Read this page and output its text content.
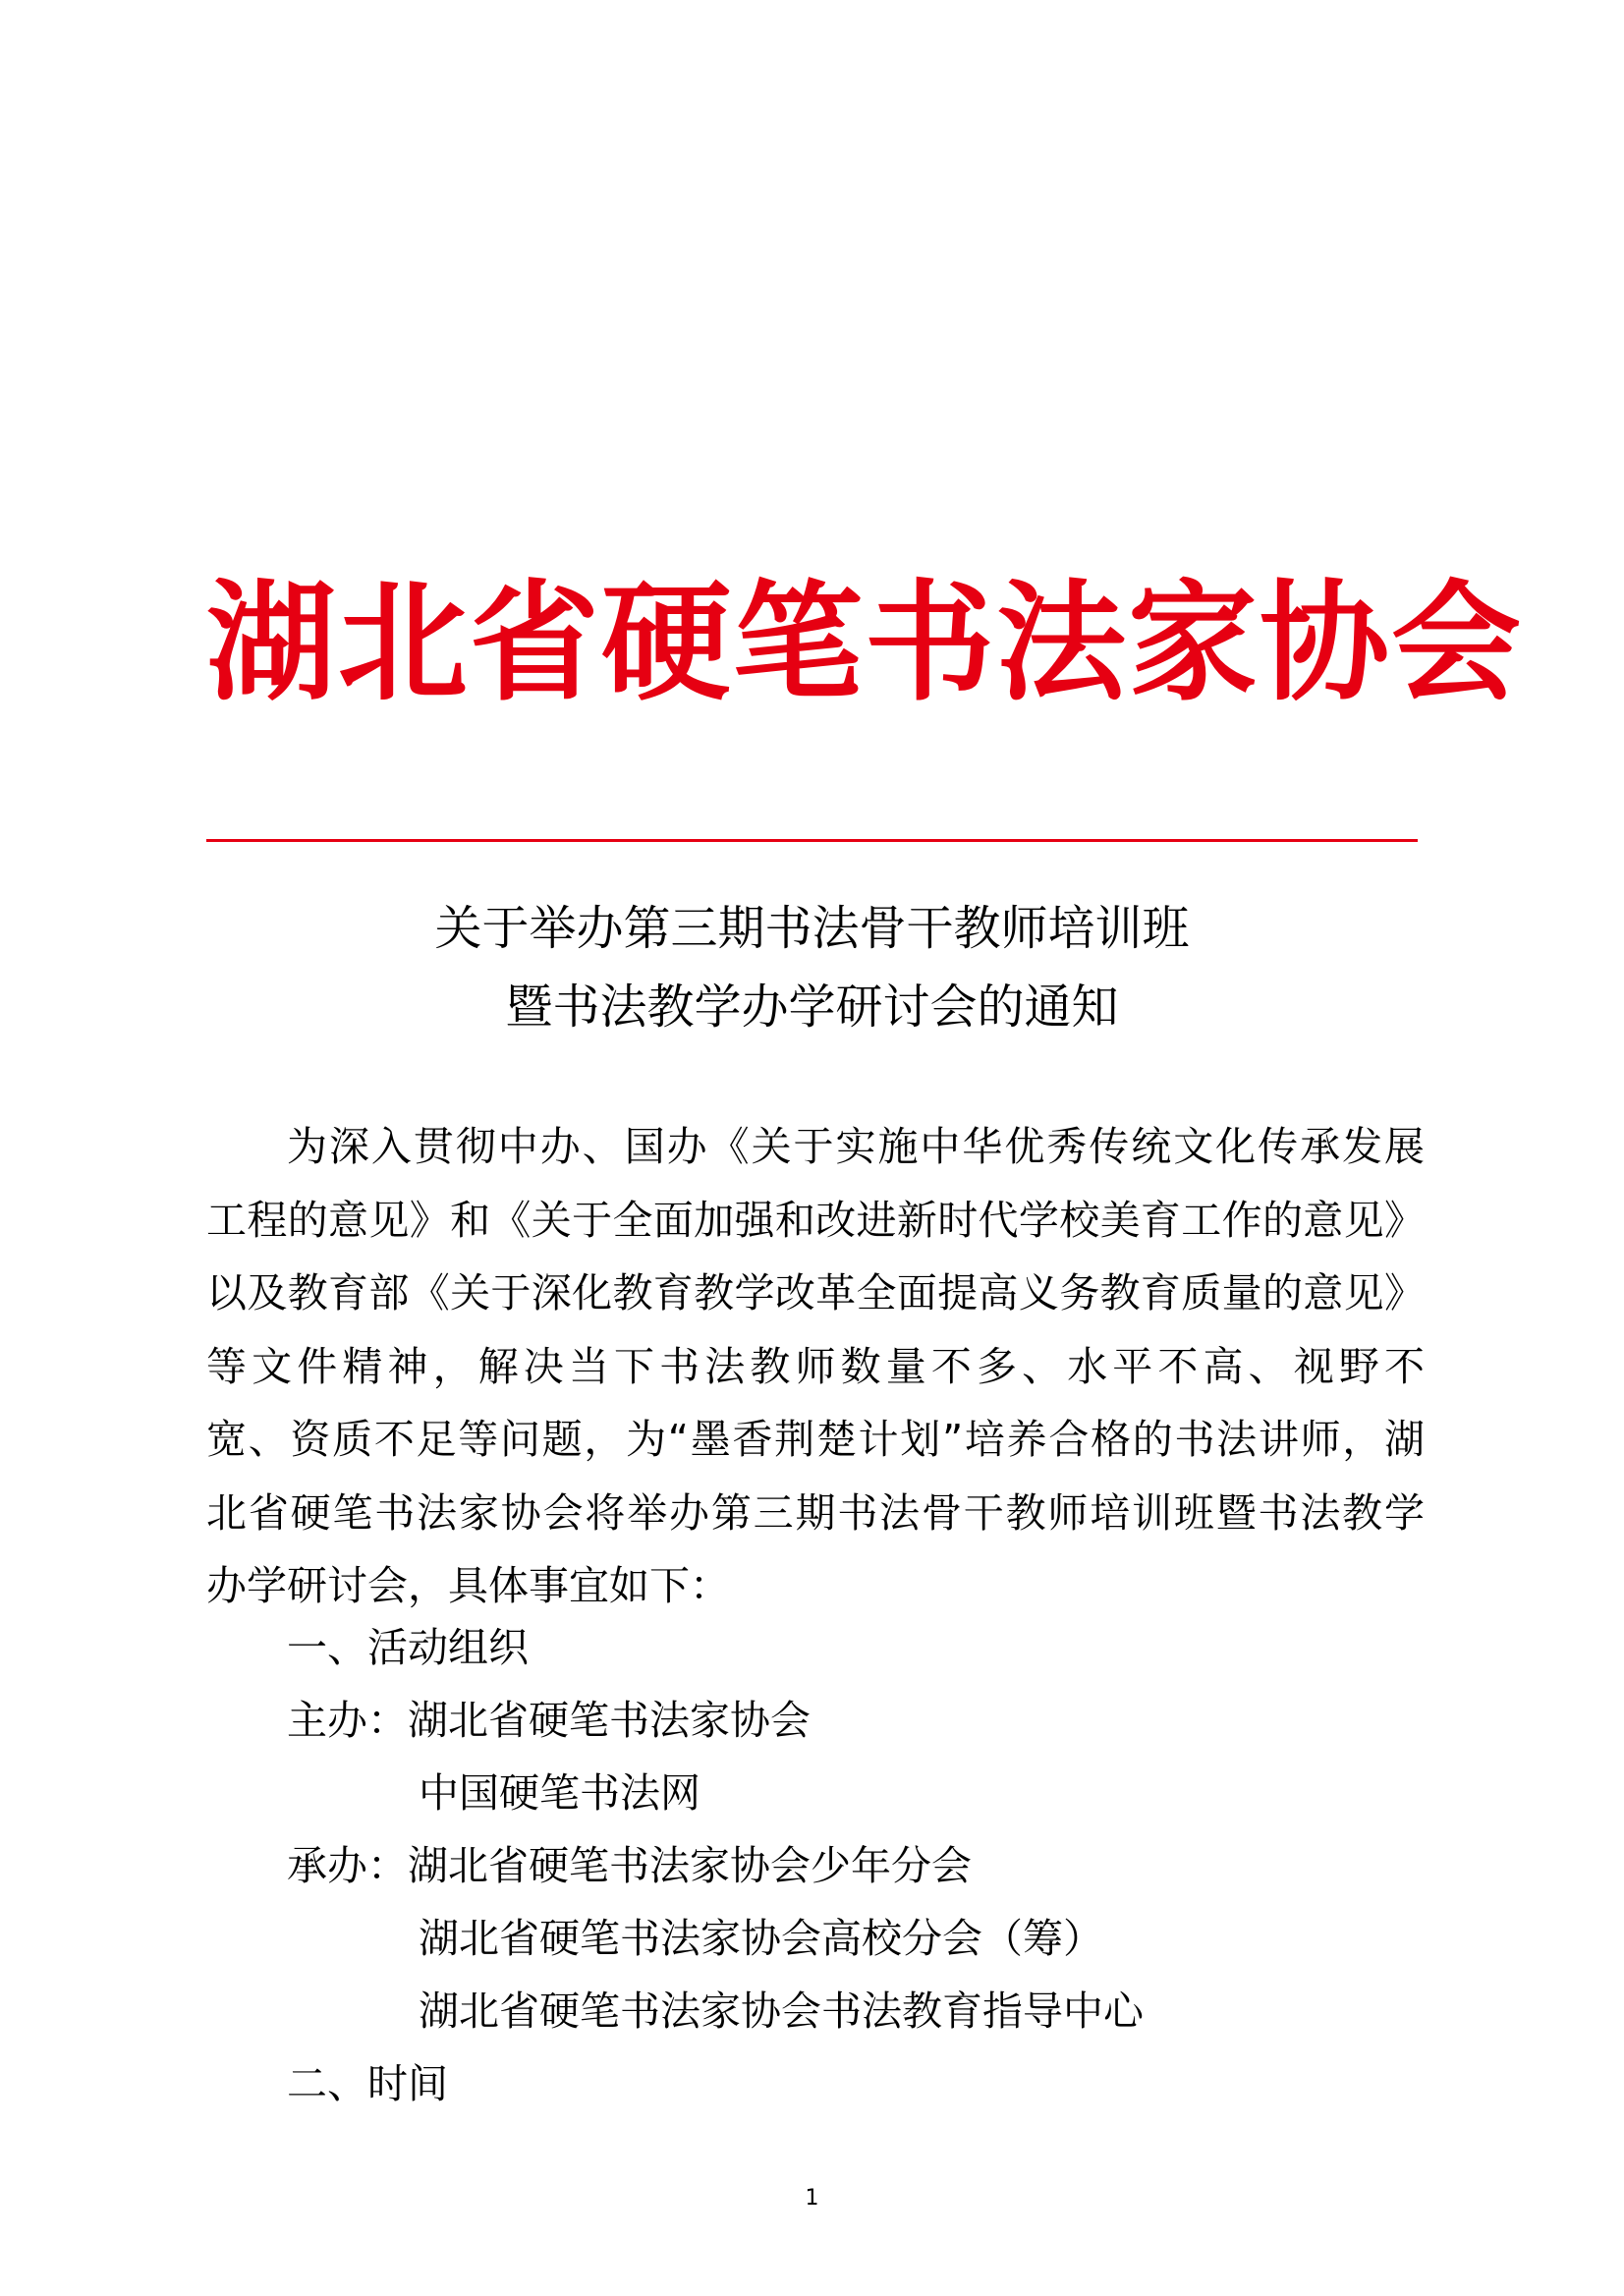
湖北省硬笔书法家协会
关于举办第三期书法骨干教师培训班
暨书法教学办学研讨会的通知
为深入贯彻中办、国办《关于实施中华优秀传统文化传承发展
工程的意见》和《关于全面加强和改进新时代学校美育工作的意见》
以及教育部《关于深化教育教学改革全面提高义务教育质量的意见》
等文件精神，解决当下书法教师数量不多、水平不高、视野不
宽、资质不足等问题，为“墨香荆楚计划”培养合格的书法讲师，湖
北省硬笔书法家协会将举办第三期书法骨干教师培训班暨书法教学
办学研讨会，具体事宜如下：
一、活动组织
主办：湖北省硬笔书法家协会
中国硬笔书法网
承办：湖北省硬笔书法家协会少年分会
湖北省硬笔书法家协会高校分会（筹）
湖北省硬笔书法家协会书法教育指导中心
二、时间
1
